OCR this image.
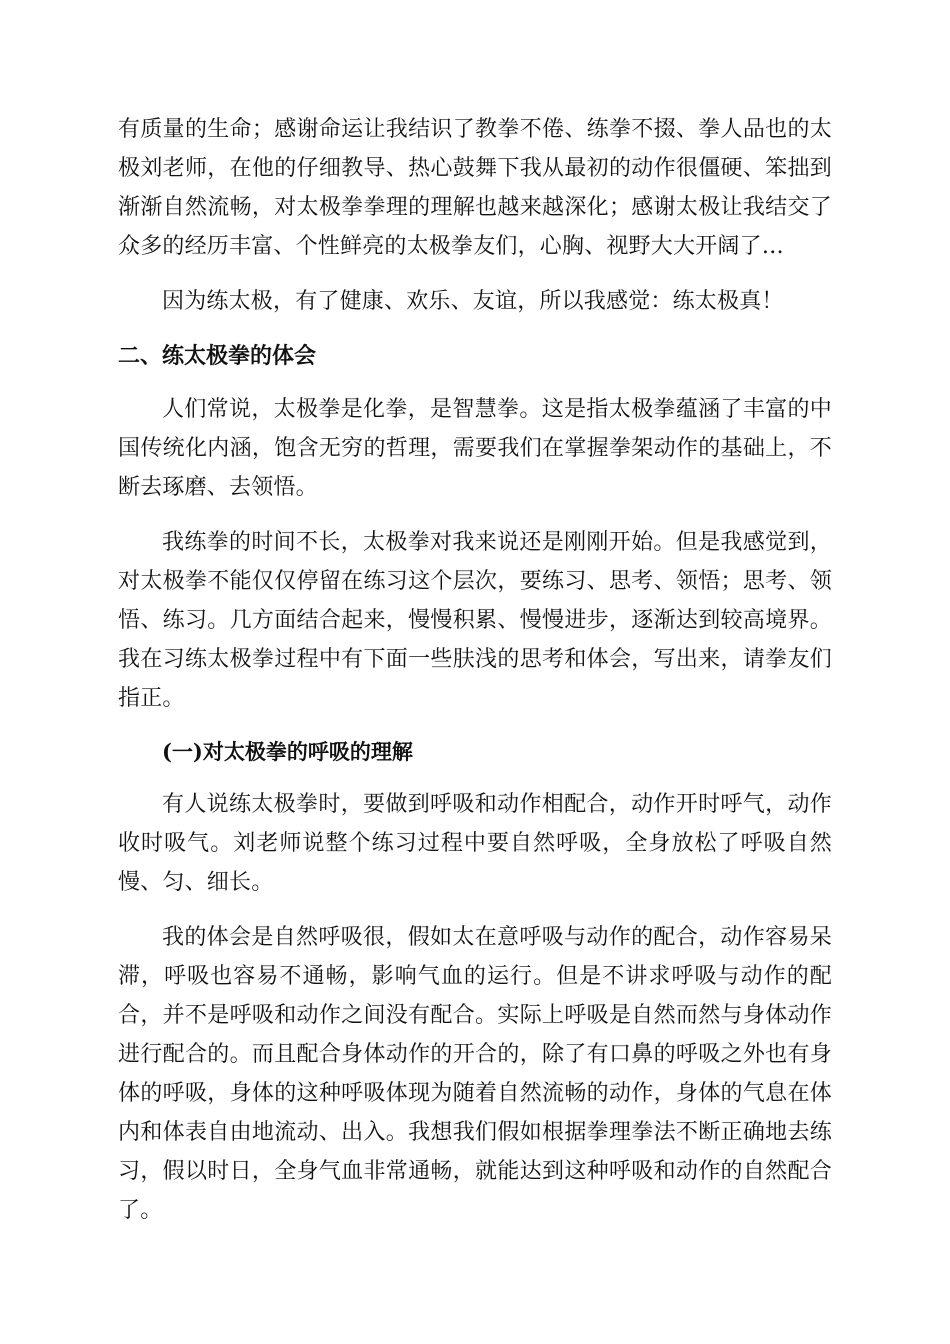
有质量的生命；感谢命运让我结识了教拳不倦、练拳不掇、拳人品也的太极刘老师，在他的仔细教导、热心鼓舞下我从最初的动作很僵硬、笨拙到渐渐自然流畅，对太极拳拳理的理解也越来越深化；感谢太极让我结交了众多的经历丰富、个性鲜亮的太极拳友们，心胸、视野大大开阔了…

因为练太极，有了健康、欢乐、友谊，所以我感觉：练太极真！

二、练太极拳的体会

人们常说，太极拳是化拳，是智慧拳。这是指太极拳蕴涵了丰富的中国传统化内涵，饱含无穷的哲理，需要我们在掌握拳架动作的基础上，不断去琢磨、去领悟。

我练拳的时间不长，太极拳对我来说还是刚刚开始。但是我感觉到，对太极拳不能仅仅停留在练习这个层次，要练习、思考、领悟；思考、领悟、练习。几方面结合起来，慢慢积累、慢慢进步，逐渐达到较高境界。我在习练太极拳过程中有下面一些肤浅的思考和体会，写出来，请拳友们指正。

(一)对太极拳的呼吸的理解

有人说练太极拳时，要做到呼吸和动作相配合，动作开时呼气，动作收时吸气。刘老师说整个练习过程中要自然呼吸，全身放松了呼吸自然慢、匀、细长。

我的体会是自然呼吸很，假如太在意呼吸与动作的配合，动作容易呆滞，呼吸也容易不通畅，影响气血的运行。但是不讲求呼吸与动作的配合，并不是呼吸和动作之间没有配合。实际上呼吸是自然而然与身体动作进行配合的。而且配合身体动作的开合的，除了有口鼻的呼吸之外也有身体的呼吸，身体的这种呼吸体现为随着自然流畅的动作，身体的气息在体内和体表自由地流动、出入。我想我们假如根据拳理拳法不断正确地去练习，假以时日，全身气血非常通畅，就能达到这种呼吸和动作的自然配合了。
